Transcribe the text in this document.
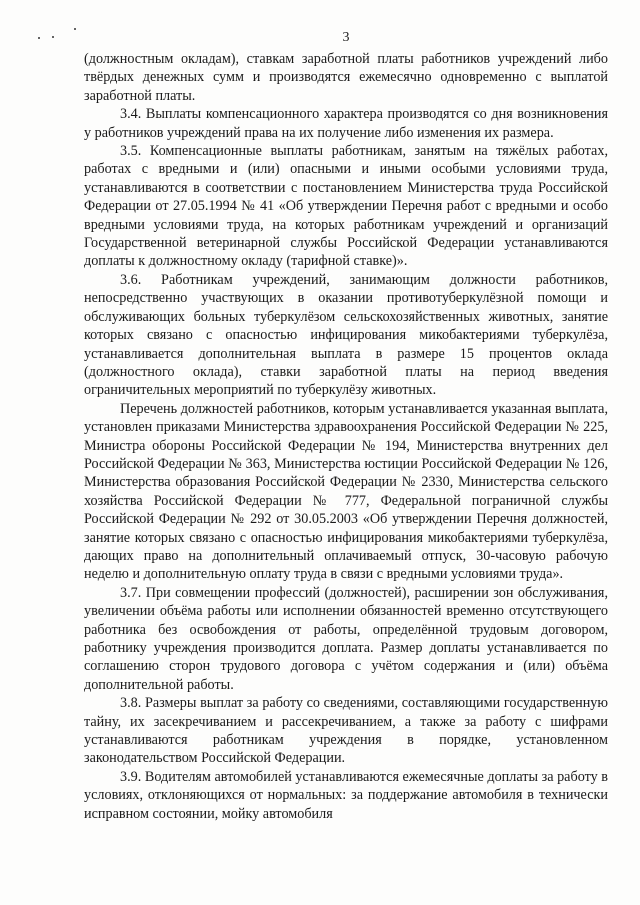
3

(должностным окладам), ставкам заработной платы работников учреждений либо твёрдых денежных сумм и производятся ежемесячно одновременно с выплатой заработной платы.

3.4. Выплаты компенсационного характера производятся со дня возникновения у работников учреждений права на их получение либо изменения их размера.

3.5. Компенсационные выплаты работникам, занятым на тяжёлых работах, работах с вредными и (или) опасными и иными особыми условиями труда, устанавливаются в соответствии с постановлением Министерства труда Российской Федерации от 27.05.1994 № 41 «Об утверждении Перечня работ с вредными и особо вредными условиями труда, на которых работникам учреждений и организаций Государственной ветеринарной службы Российской Федерации устанавливаются доплаты к должностному окладу (тарифной ставке)».

3.6. Работникам учреждений, занимающим должности работников, непосредственно участвующих в оказании противотуберкулёзной помощи и обслуживающих больных туберкулёзом сельскохозяйственных животных, занятие которых связано с опасностью инфицирования микобактериями туберкулёза, устанавливается дополнительная выплата в размере 15 процентов оклада (должностного оклада), ставки заработной платы на период введения ограничительных мероприятий по туберкулёзу животных.

Перечень должностей работников, которым устанавливается указанная выплата, установлен приказами Министерства здравоохранения Российской Федерации № 225, Министра обороны Российской Федерации № 194, Министерства внутренних дел Российской Федерации № 363, Министерства юстиции Российской Федерации № 126, Министерства образования Российской Федерации № 2330, Министерства сельского хозяйства Российской Федерации № 777, Федеральной пограничной службы Российской Федерации № 292 от 30.05.2003 «Об утверждении Перечня должностей, занятие которых связано с опасностью инфицирования микобактериями туберкулёза, дающих право на дополнительный оплачиваемый отпуск, 30-часовую рабочую неделю и дополнительную оплату труда в связи с вредными условиями труда».

3.7. При совмещении профессий (должностей), расширении зон обслуживания, увеличении объёма работы или исполнении обязанностей временно отсутствующего работника без освобождения от работы, определённой трудовым договором, работнику учреждения производится доплата. Размер доплаты устанавливается по соглашению сторон трудового договора с учётом содержания и (или) объёма дополнительной работы.

3.8. Размеры выплат за работу со сведениями, составляющими государственную тайну, их засекречиванием и рассекречиванием, а также за работу с шифрами устанавливаются работникам учреждения в порядке, установленном законодательством Российской Федерации.

3.9. Водителям автомобилей устанавливаются ежемесячные доплаты за работу в условиях, отклоняющихся от нормальных: за поддержание автомобиля в технически исправном состоянии, мойку автомобиля
